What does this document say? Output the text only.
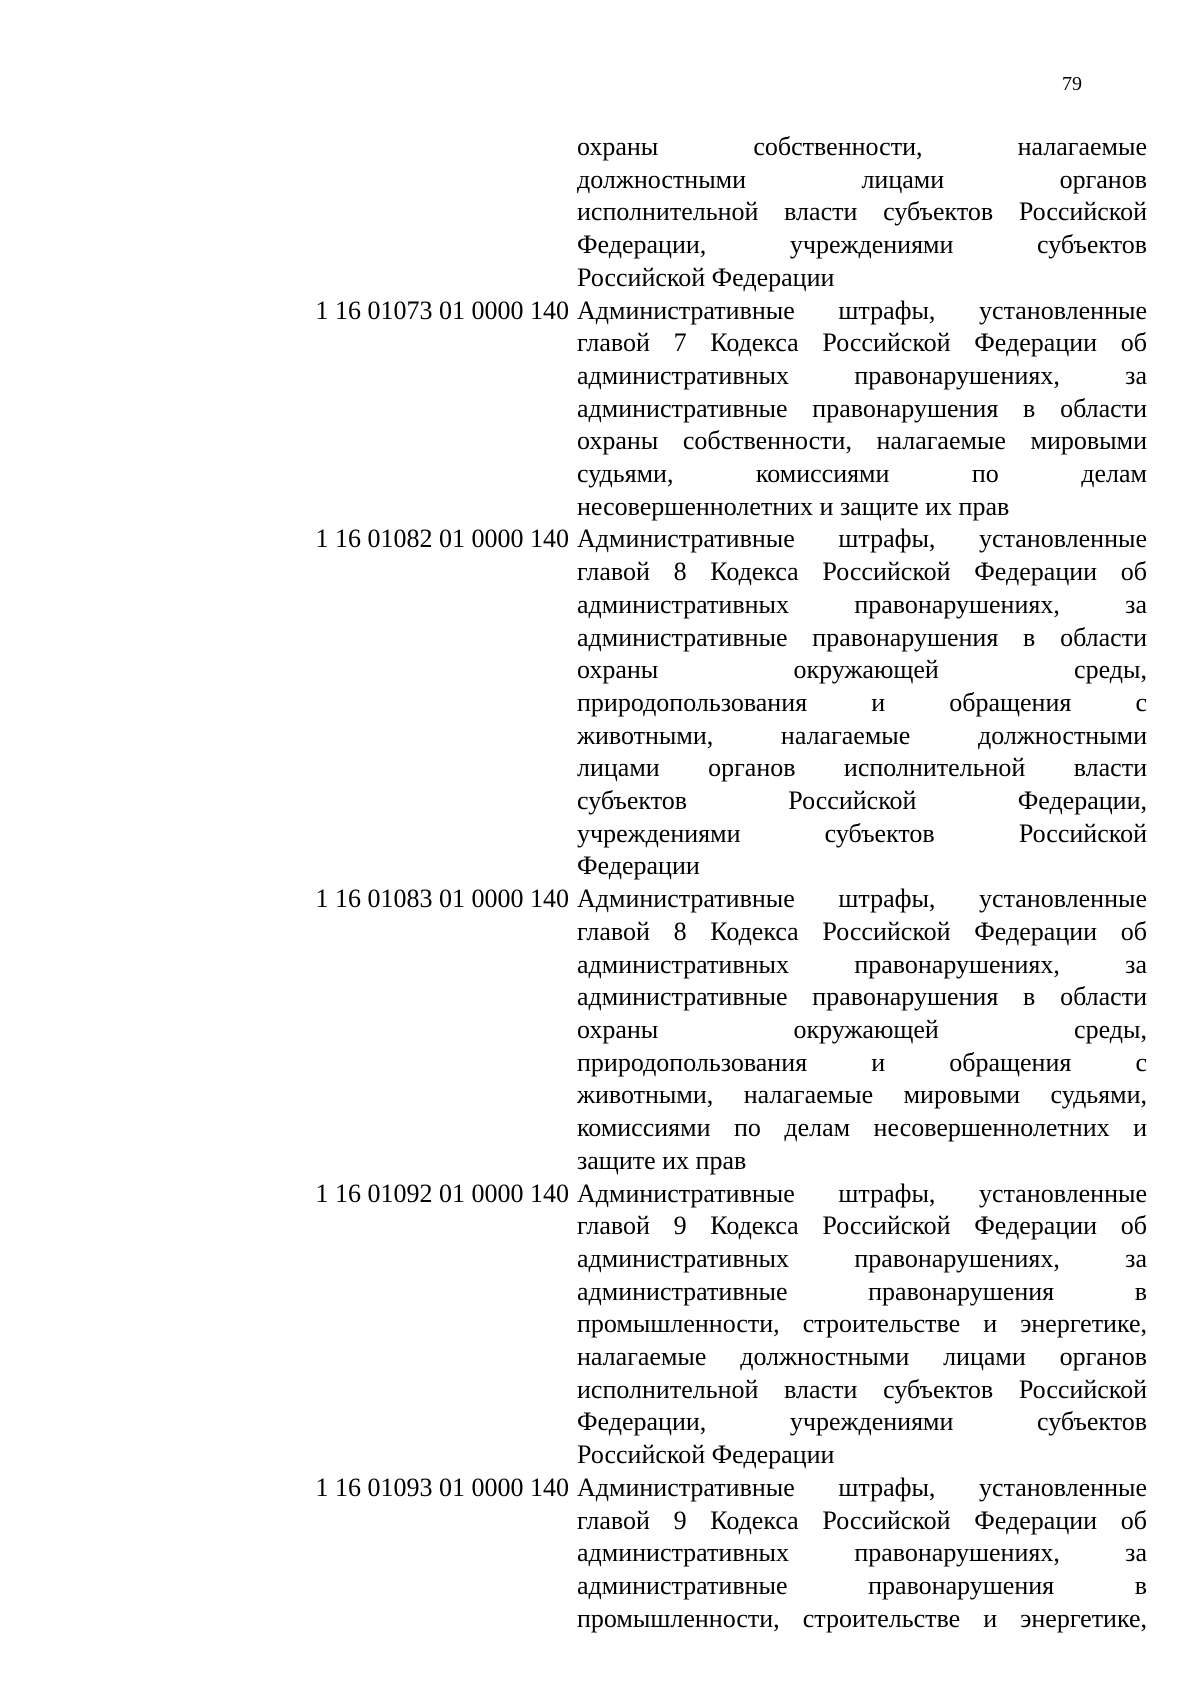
79
охраны собственности, налагаемые
должностными лицами органов
исполнительной власти субъектов Российской
Федерации, учреждениями субъектов
Российской Федерации
1 16 01073 01 0000 140 Административные штрафы, установленные
главой 7 Кодекса Российской Федерации об
административных правонарушениях, за
административные правонарушения в области
охраны собственности, налагаемые мировыми
судьями, комиссиями по делам
несовершеннолетних и защите их прав
1 16 01082 01 0000 140 Административные штрафы, установленные
главой 8 Кодекса Российской Федерации об
административных правонарушениях, за
административные правонарушения в области
охраны окружающей среды,
природопользования и обращения с
животными, налагаемые должностными
лицами органов исполнительной власти
субъектов Российской Федерации,
учреждениями субъектов Российской
Федерации
1 16 01083 01 0000 140 Административные штрафы, установленные
главой 8 Кодекса Российской Федерации об
административных правонарушениях, за
административные правонарушения в области
охраны окружающей среды,
природопользования и обращения с
животными, налагаемые мировыми судьями,
комиссиями по делам несовершеннолетних и
защите их прав
1 16 01092 01 0000 140 Административные штрафы, установленные
главой 9 Кодекса Российской Федерации об
административных правонарушениях, за
административные правонарушения в
промышленности, строительстве и энергетике,
налагаемые должностными лицами органов
исполнительной власти субъектов Российской
Федерации, учреждениями субъектов
Российской Федерации
1 16 01093 01 0000 140 Административные штрафы, установленные
главой 9 Кодекса Российской Федерации об
административных правонарушениях, за
административные правонарушения в
промышленности, строительстве и энергетике,
